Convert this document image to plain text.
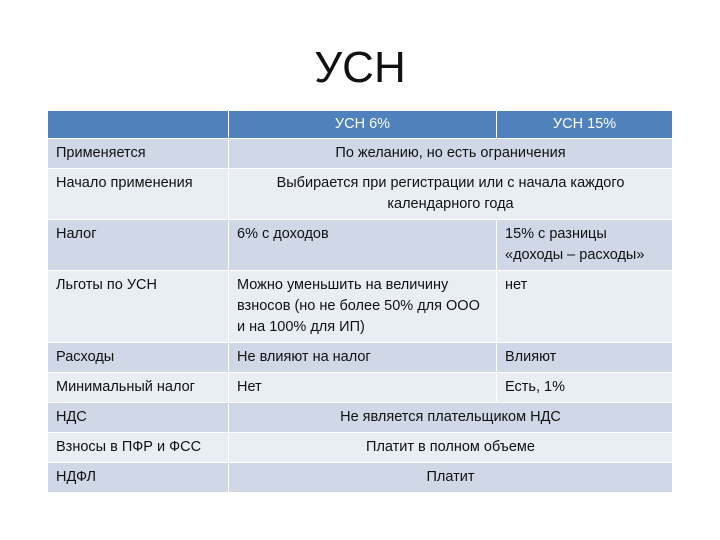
УСН
	УСН 6%	УСН 15%
Применяется	По желанию, но есть ограничения	
Начало применения	Выбирается при регистрации или с начала каждого календарного года	
Налог	6% с доходов	15% с разницы «доходы – расходы»
Льготы по УСН	Можно уменьшить на величину взносов (но не более 50% для ООО и на 100% для ИП)	нет
Расходы	Не влияют на налог	Влияют
Минимальный налог	Нет	Есть, 1%
НДС	Не является плательщиком НДС	
Взносы в ПФР и ФСС	Платит в полном объеме	
НДФЛ	Платит	
